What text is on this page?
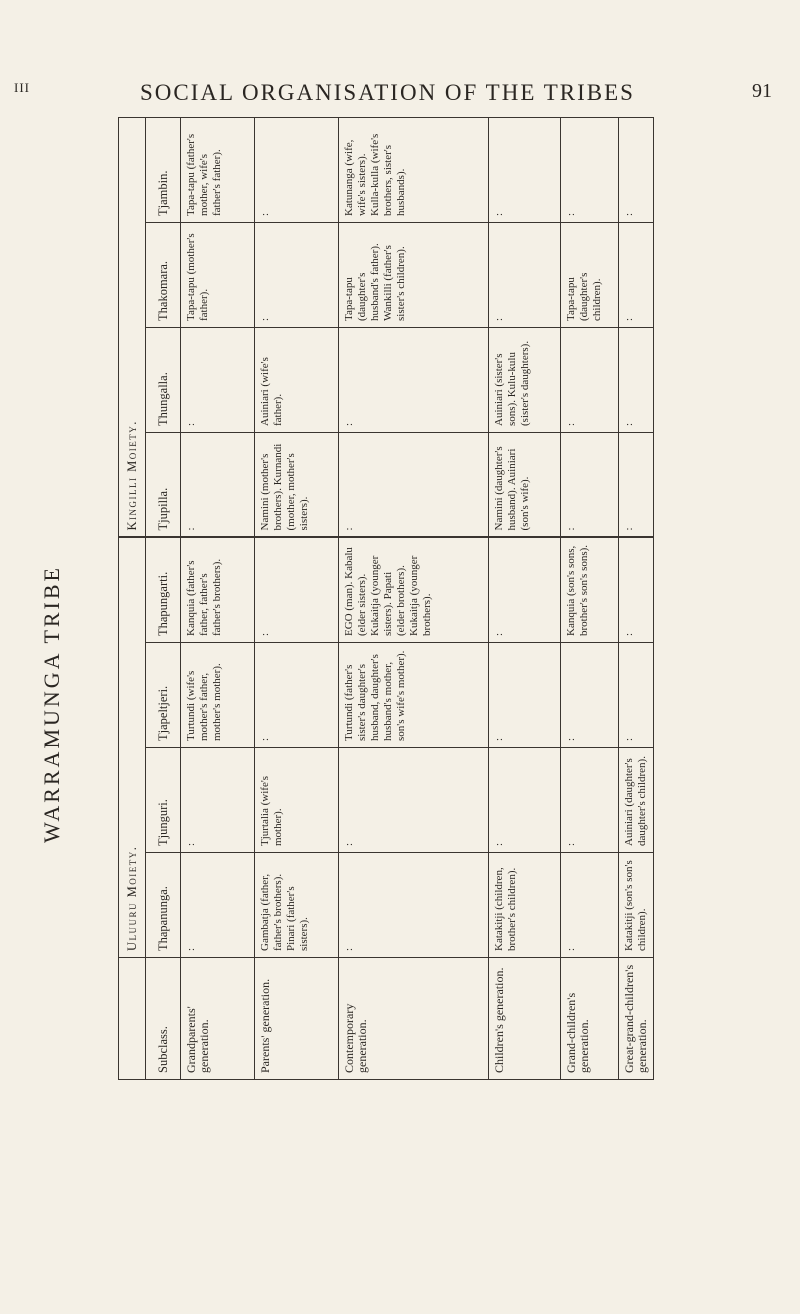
III	SOCIAL ORGANISATION OF THE TRIBES	91
WARRAMUNGA TRIBE
	Uluuru Moiety.				Kingilli Moiety.			
Subclass.	Thapanunga.	Tjunguri.	Tjapeltjeri.	Thapungarti.	Tjupilla.	Thungalla.	Thakomara.	Tjambin.
Grandparents' generation.	:	:	Turtundi (wife's mother's father, mother's mother).	Kanquia (father's father, father's father's brothers).	:	:	Tapa-tapu (mother's father).	Tapa-tapu (father's mother, wife's father's father).

Parents' generation.	Gambatja (father, father's brothers). Pinari (father's sisters).	Tjurtalia (wife's mother).	:	:	Namini (mother's brothers). Kurnandi (mother, mother's sisters).	Auiniari (wife's father).	:	:

Contemporary generation.	:	:	Turtundi (father's sister's daughter's husband, daughter's husband's mother, son's wife's mother).	EGO (man). Kabalu (elder sisters). Kukaitja (younger sisters). Papati (elder brothers). Kukaitja (younger brothers).	:	:	Tapa-tapu (daughter's husband's father). Wankilli (father's sister's children).	Katunanga (wife, wife's sisters). Kulla-kulla (wife's brothers, sister's husbands).

Children's generation.	Katakitji (children, brother's children).	:	:	:	Namini (daughter's husband). Auiniari (son's wife).	Auiniari (sister's sons). Kulu-kulu (sister's daughters).	:	:

Grand-children's generation.	:	:	:	Kanquia (son's sons, brother's son's sons).	:	:	Tapa-tapu (daughter's children).	:

Great-grand-children's generation.	Katakitji (son's son's children).	Auiniari (daughter's daughter's children).	:	:	:	:	:	:
